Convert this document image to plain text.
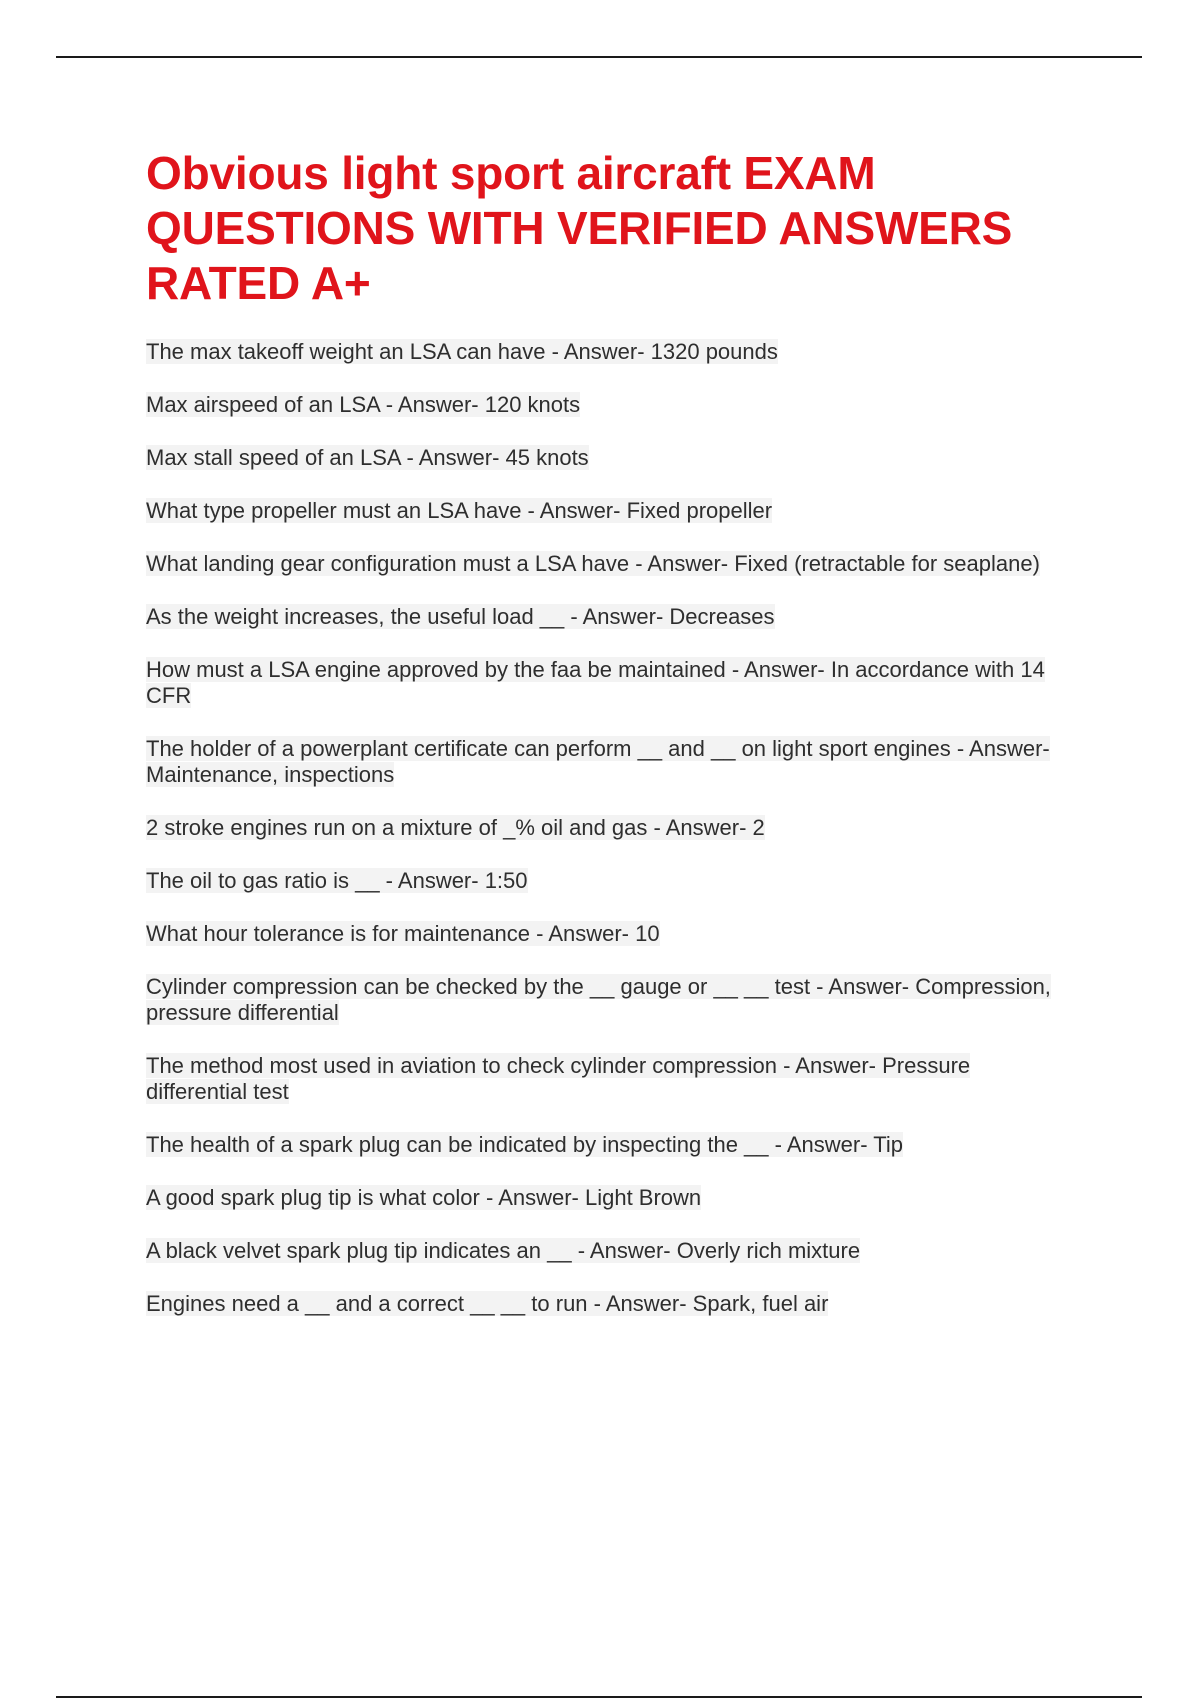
Obvious light sport aircraft EXAM QUESTIONS WITH VERIFIED ANSWERS RATED A+
The max takeoff weight an LSA can have - Answer- 1320 pounds
Max airspeed of an LSA - Answer- 120 knots
Max stall speed of an LSA - Answer- 45 knots
What type propeller must an LSA have - Answer- Fixed propeller
What landing gear configuration must a LSA have - Answer- Fixed (retractable for seaplane)
As the weight increases, the useful load __ - Answer- Decreases
How must a LSA engine approved by the faa be maintained - Answer- In accordance with 14 CFR
The holder of a powerplant certificate can perform __ and __ on light sport engines - Answer- Maintenance, inspections
2 stroke engines run on a mixture of _% oil and gas - Answer- 2
The oil to gas ratio is __ - Answer- 1:50
What hour tolerance is for maintenance - Answer- 10
Cylinder compression can be checked by the __ gauge or __ __ test - Answer- Compression, pressure differential
The method most used in aviation to check cylinder compression - Answer- Pressure differential test
The health of a spark plug can be indicated by inspecting the __ - Answer- Tip
A good spark plug tip is what color - Answer- Light Brown
A black velvet spark plug tip indicates an __ - Answer- Overly rich mixture
Engines need a __ and a correct __ __ to run - Answer- Spark, fuel air
